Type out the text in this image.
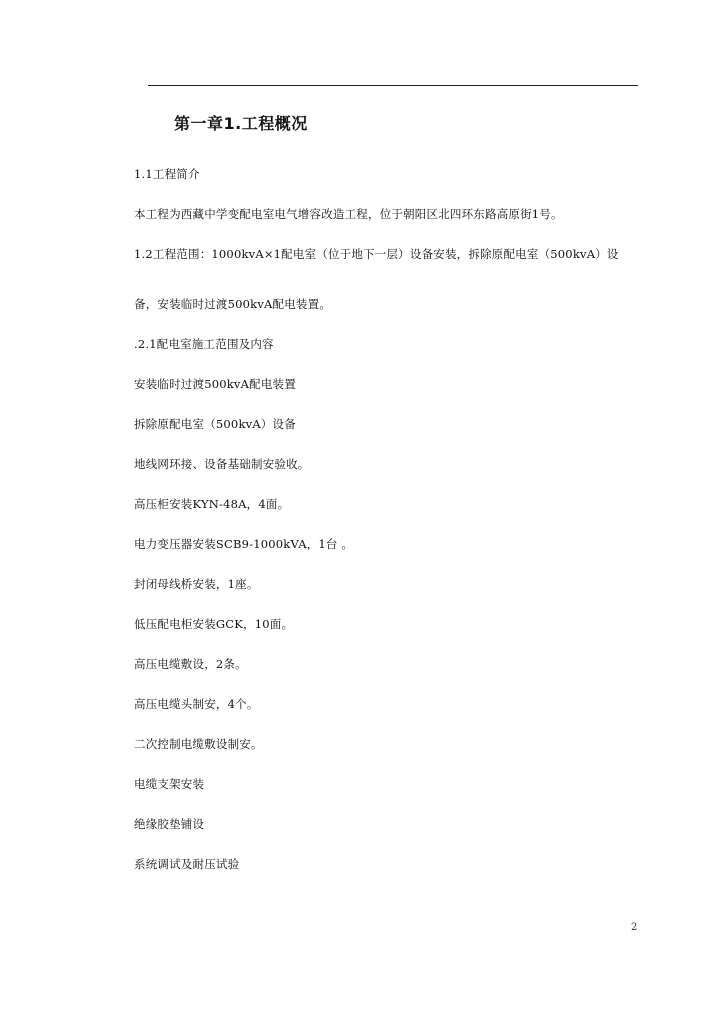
第一章1.工程概况
1.1工程简介
本工程为西藏中学变配电室电气增容改造工程，位于朝阳区北四环东路高原街1号。
1.2工程范围：1000kvA×1配电室（位于地下一层）设备安装，拆除原配电室（500kvA）设
备，安装临时过渡500kvA配电装置。
.2.1配电室施工范围及内容
安装临时过渡500kvA配电装置
拆除原配电室（500kvA）设备
地线网环接、设备基础制安验收。
高压柜安装KYN-48A，4面。
电力变压器安装SCB9-1000kVA，1台 。
封闭母线桥安装，1座。
低压配电柜安装GCK，10面。
高压电缆敷设，2条。
高压电缆头制安，4个。
二次控制电缆敷设制安。
电缆支架安装
绝缘胶垫铺设
系统调试及耐压试验
2
